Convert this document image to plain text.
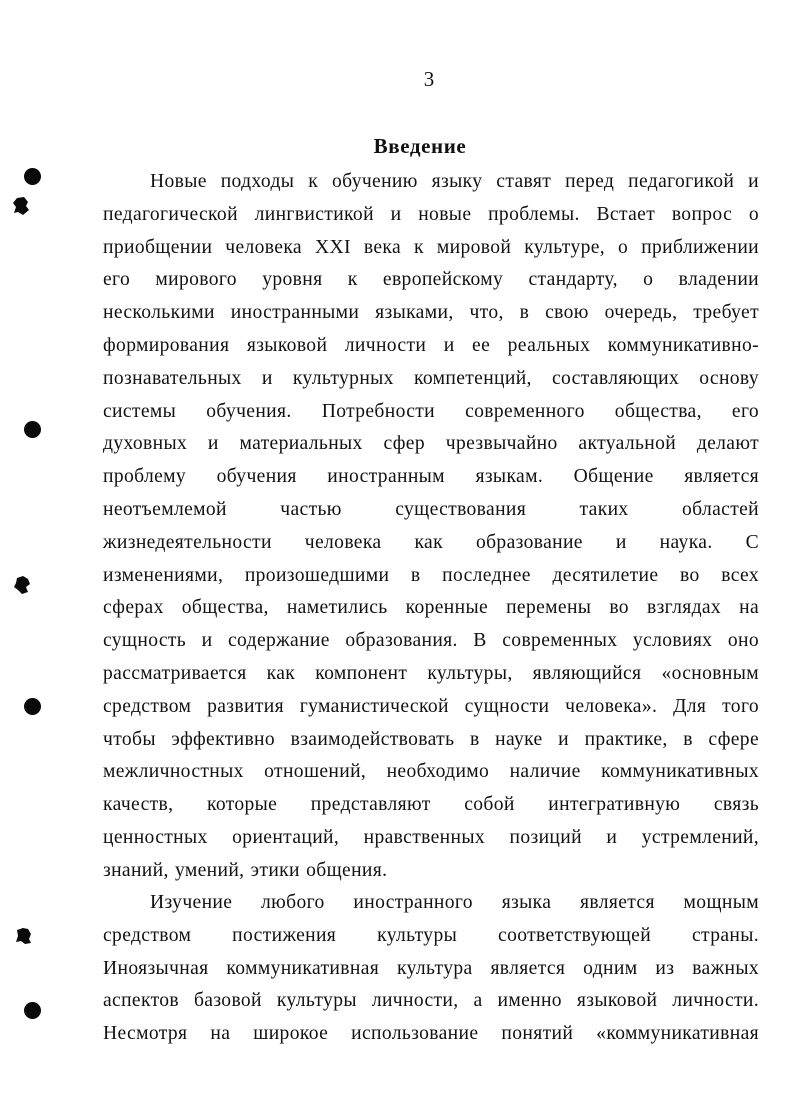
3
Введение
Новые подходы к обучению языку ставят перед педагогикой и
педагогической лингвистикой и новые проблемы. Встает вопрос о
приобщении человека XXI века к мировой культуре, о приближении
его мирового уровня к европейскому стандарту, о владении
несколькими иностранными языками, что, в свою очередь, требует
формирования языковой личности и ее реальных коммуникативно-
познавательных и культурных компетенций, составляющих основу
системы обучения. Потребности современного общества, его
духовных и материальных сфер чрезвычайно актуальной делают
проблему обучения иностранным языкам. Общение является
неотъемлемой частью существования таких областей
жизнедеятельности человека как образование и наука. С
изменениями, произошедшими в последнее десятилетие во всех
сферах общества, наметились коренные перемены во взглядах на
сущность и содержание образования. В современных условиях оно
рассматривается как компонент культуры, являющийся «основным
средством развития гуманистической сущности человека». Для того
чтобы эффективно взаимодействовать в науке и практике, в сфере
межличностных отношений, необходимо наличие коммуникативных
качеств, которые представляют собой интегративную связь
ценностных ориентаций, нравственных позиций и устремлений,
знаний, умений, этики общения.
Изучение любого иностранного языка является мощным
средством постижения культуры соответствующей страны.
Иноязычная коммуникативная культура является одним из важных
аспектов базовой культуры личности, а именно языковой личности.
Несмотря на широкое использование понятий «коммуникативная
